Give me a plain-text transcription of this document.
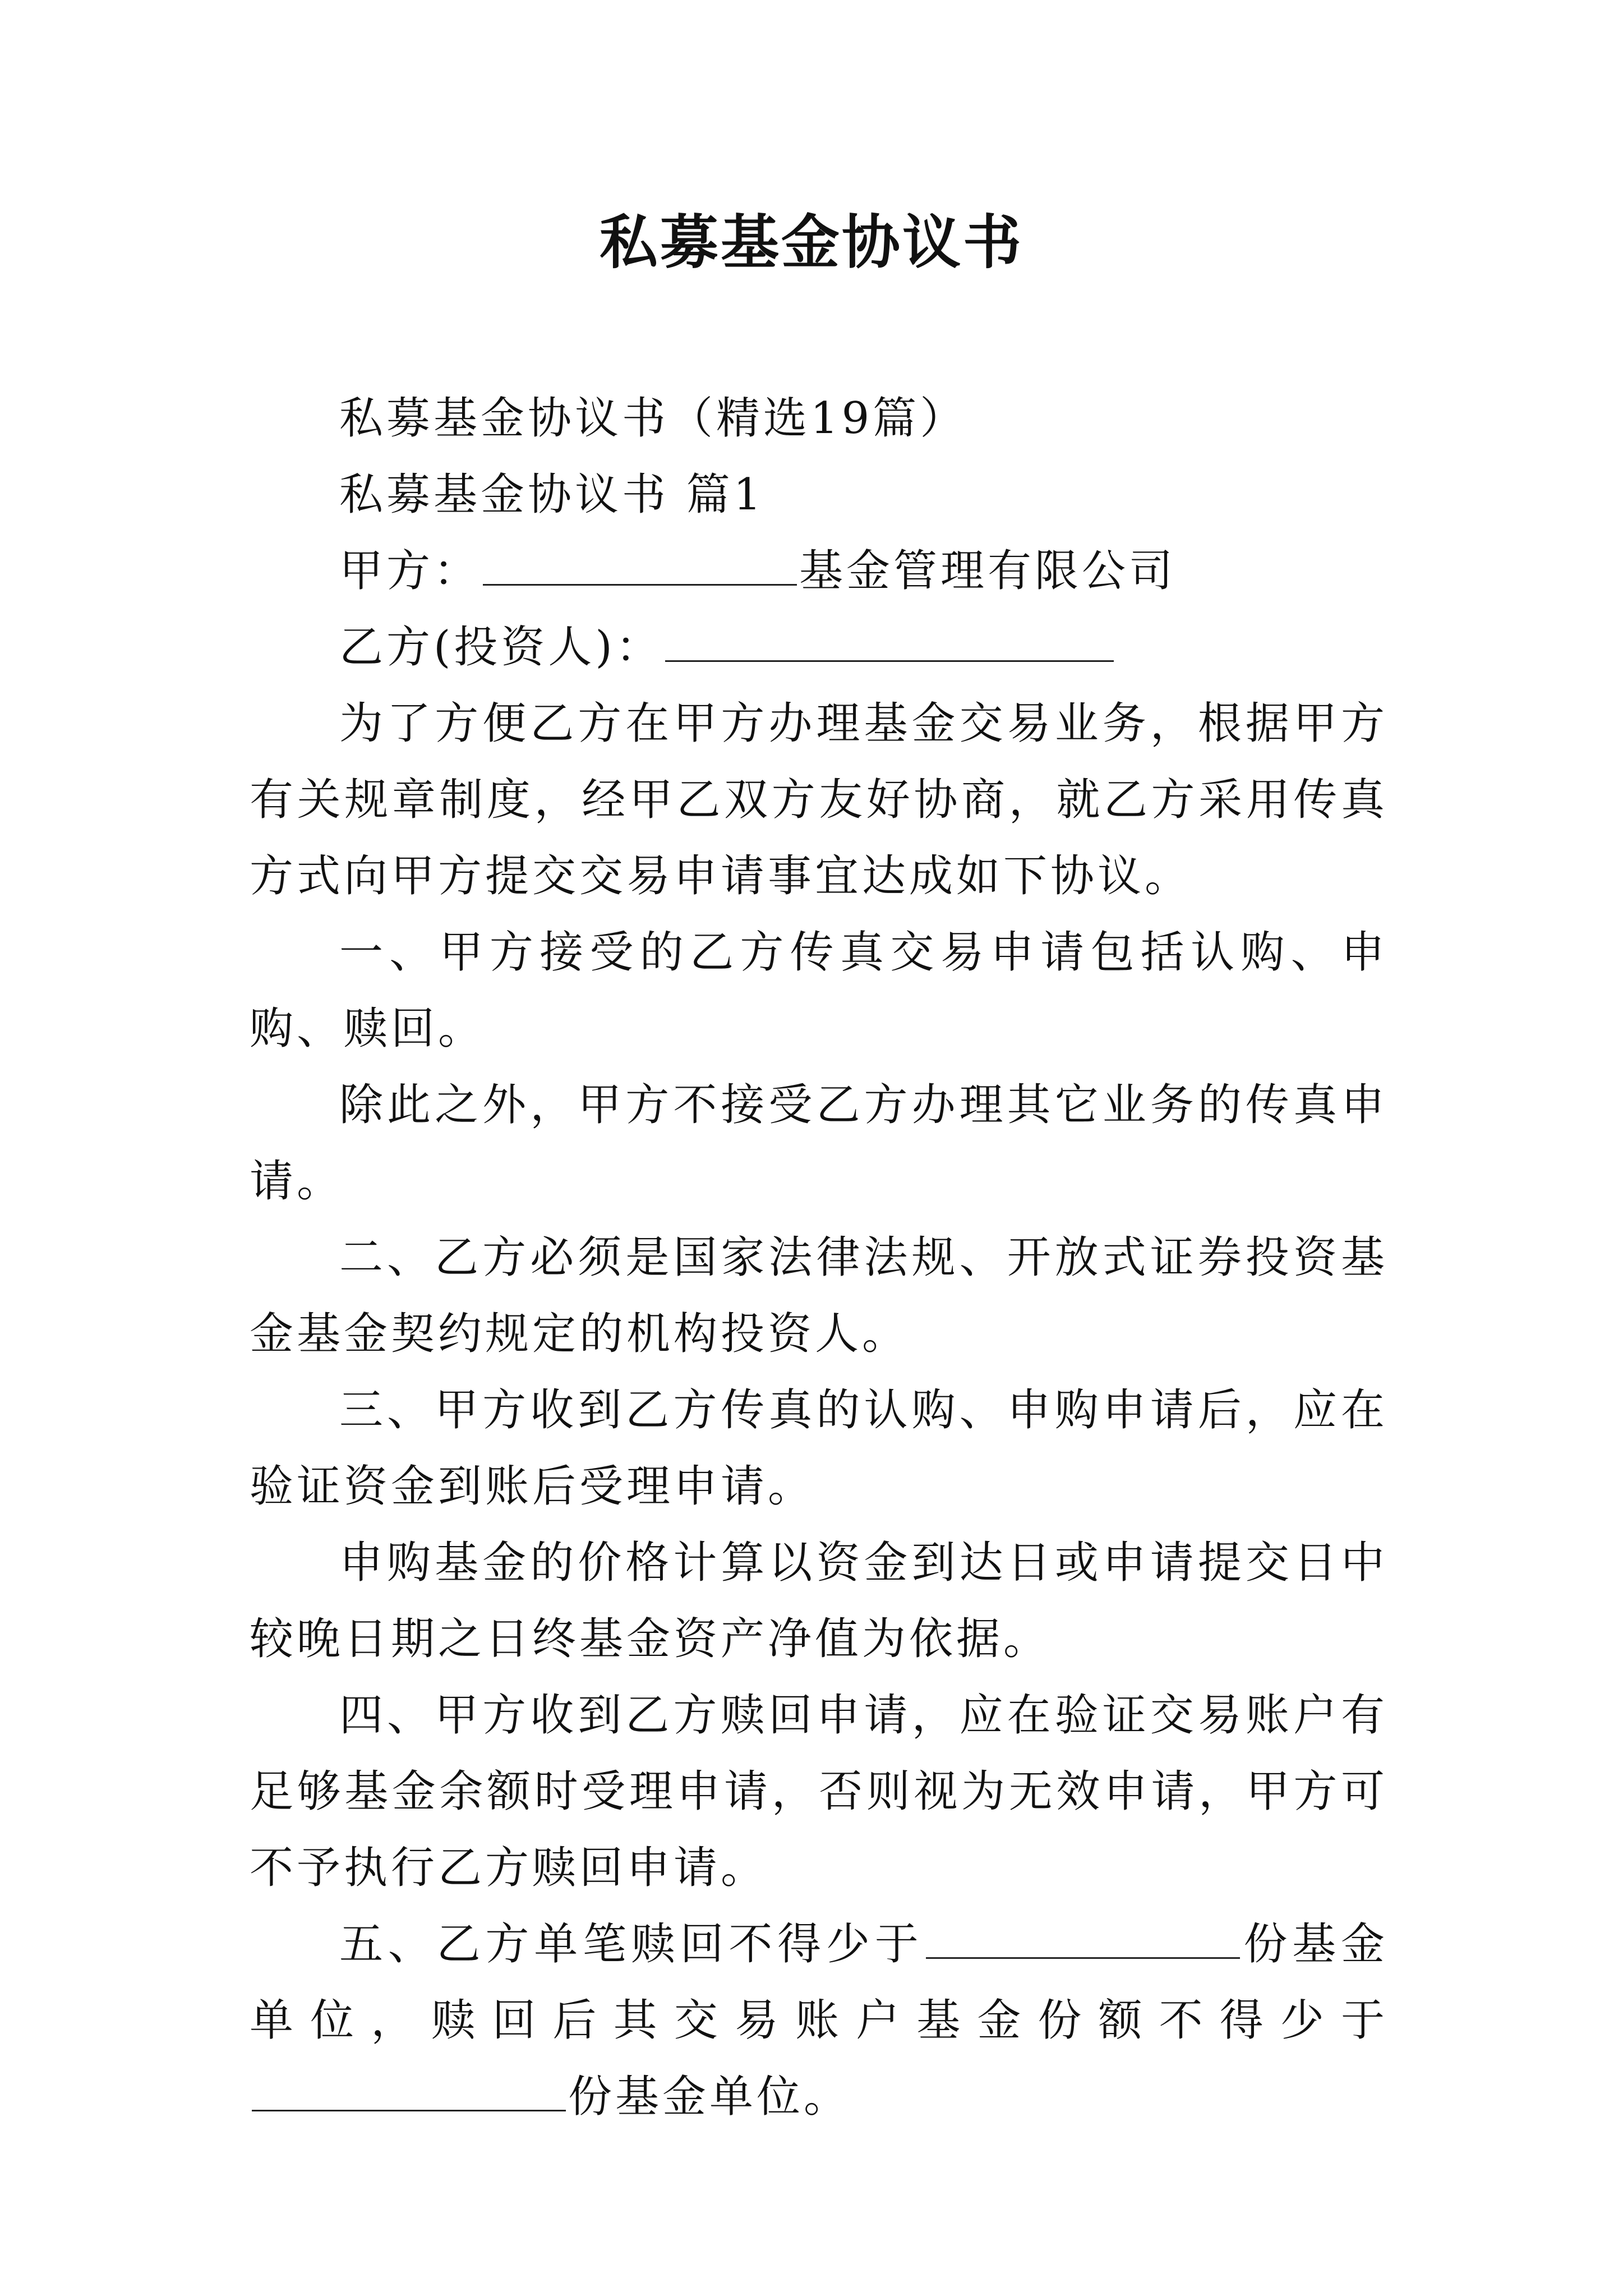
私募基金协议书

私募基金协议书（精选19篇）

私募基金协议书 篇1

甲方：	基金管理有限公司

乙方(投资人)：

为了方便乙方在甲方办理基金交易业务，根据甲方有关规章制度，经甲乙双方友好协商，就乙方采用传真方式向甲方提交交易申请事宜达成如下协议。

一、甲方接受的乙方传真交易申请包括认购、申购、赎回。

除此之外，甲方不接受乙方办理其它业务的传真申请。

二、乙方必须是国家法律法规、开放式证券投资基金基金契约规定的机构投资人。

三、甲方收到乙方传真的认购、申购申请后，应在验证资金到账后受理申请。

申购基金的价格计算以资金到达日或申请提交日中较晚日期之日终基金资产净值为依据。

四、甲方收到乙方赎回申请，应在验证交易账户有足够基金余额时受理申请，否则视为无效申请，甲方可不予执行乙方赎回申请。

五、乙方单笔赎回不得少于	份基金单位，赎回后其交易账户基金份额不得少于份基金单位。
